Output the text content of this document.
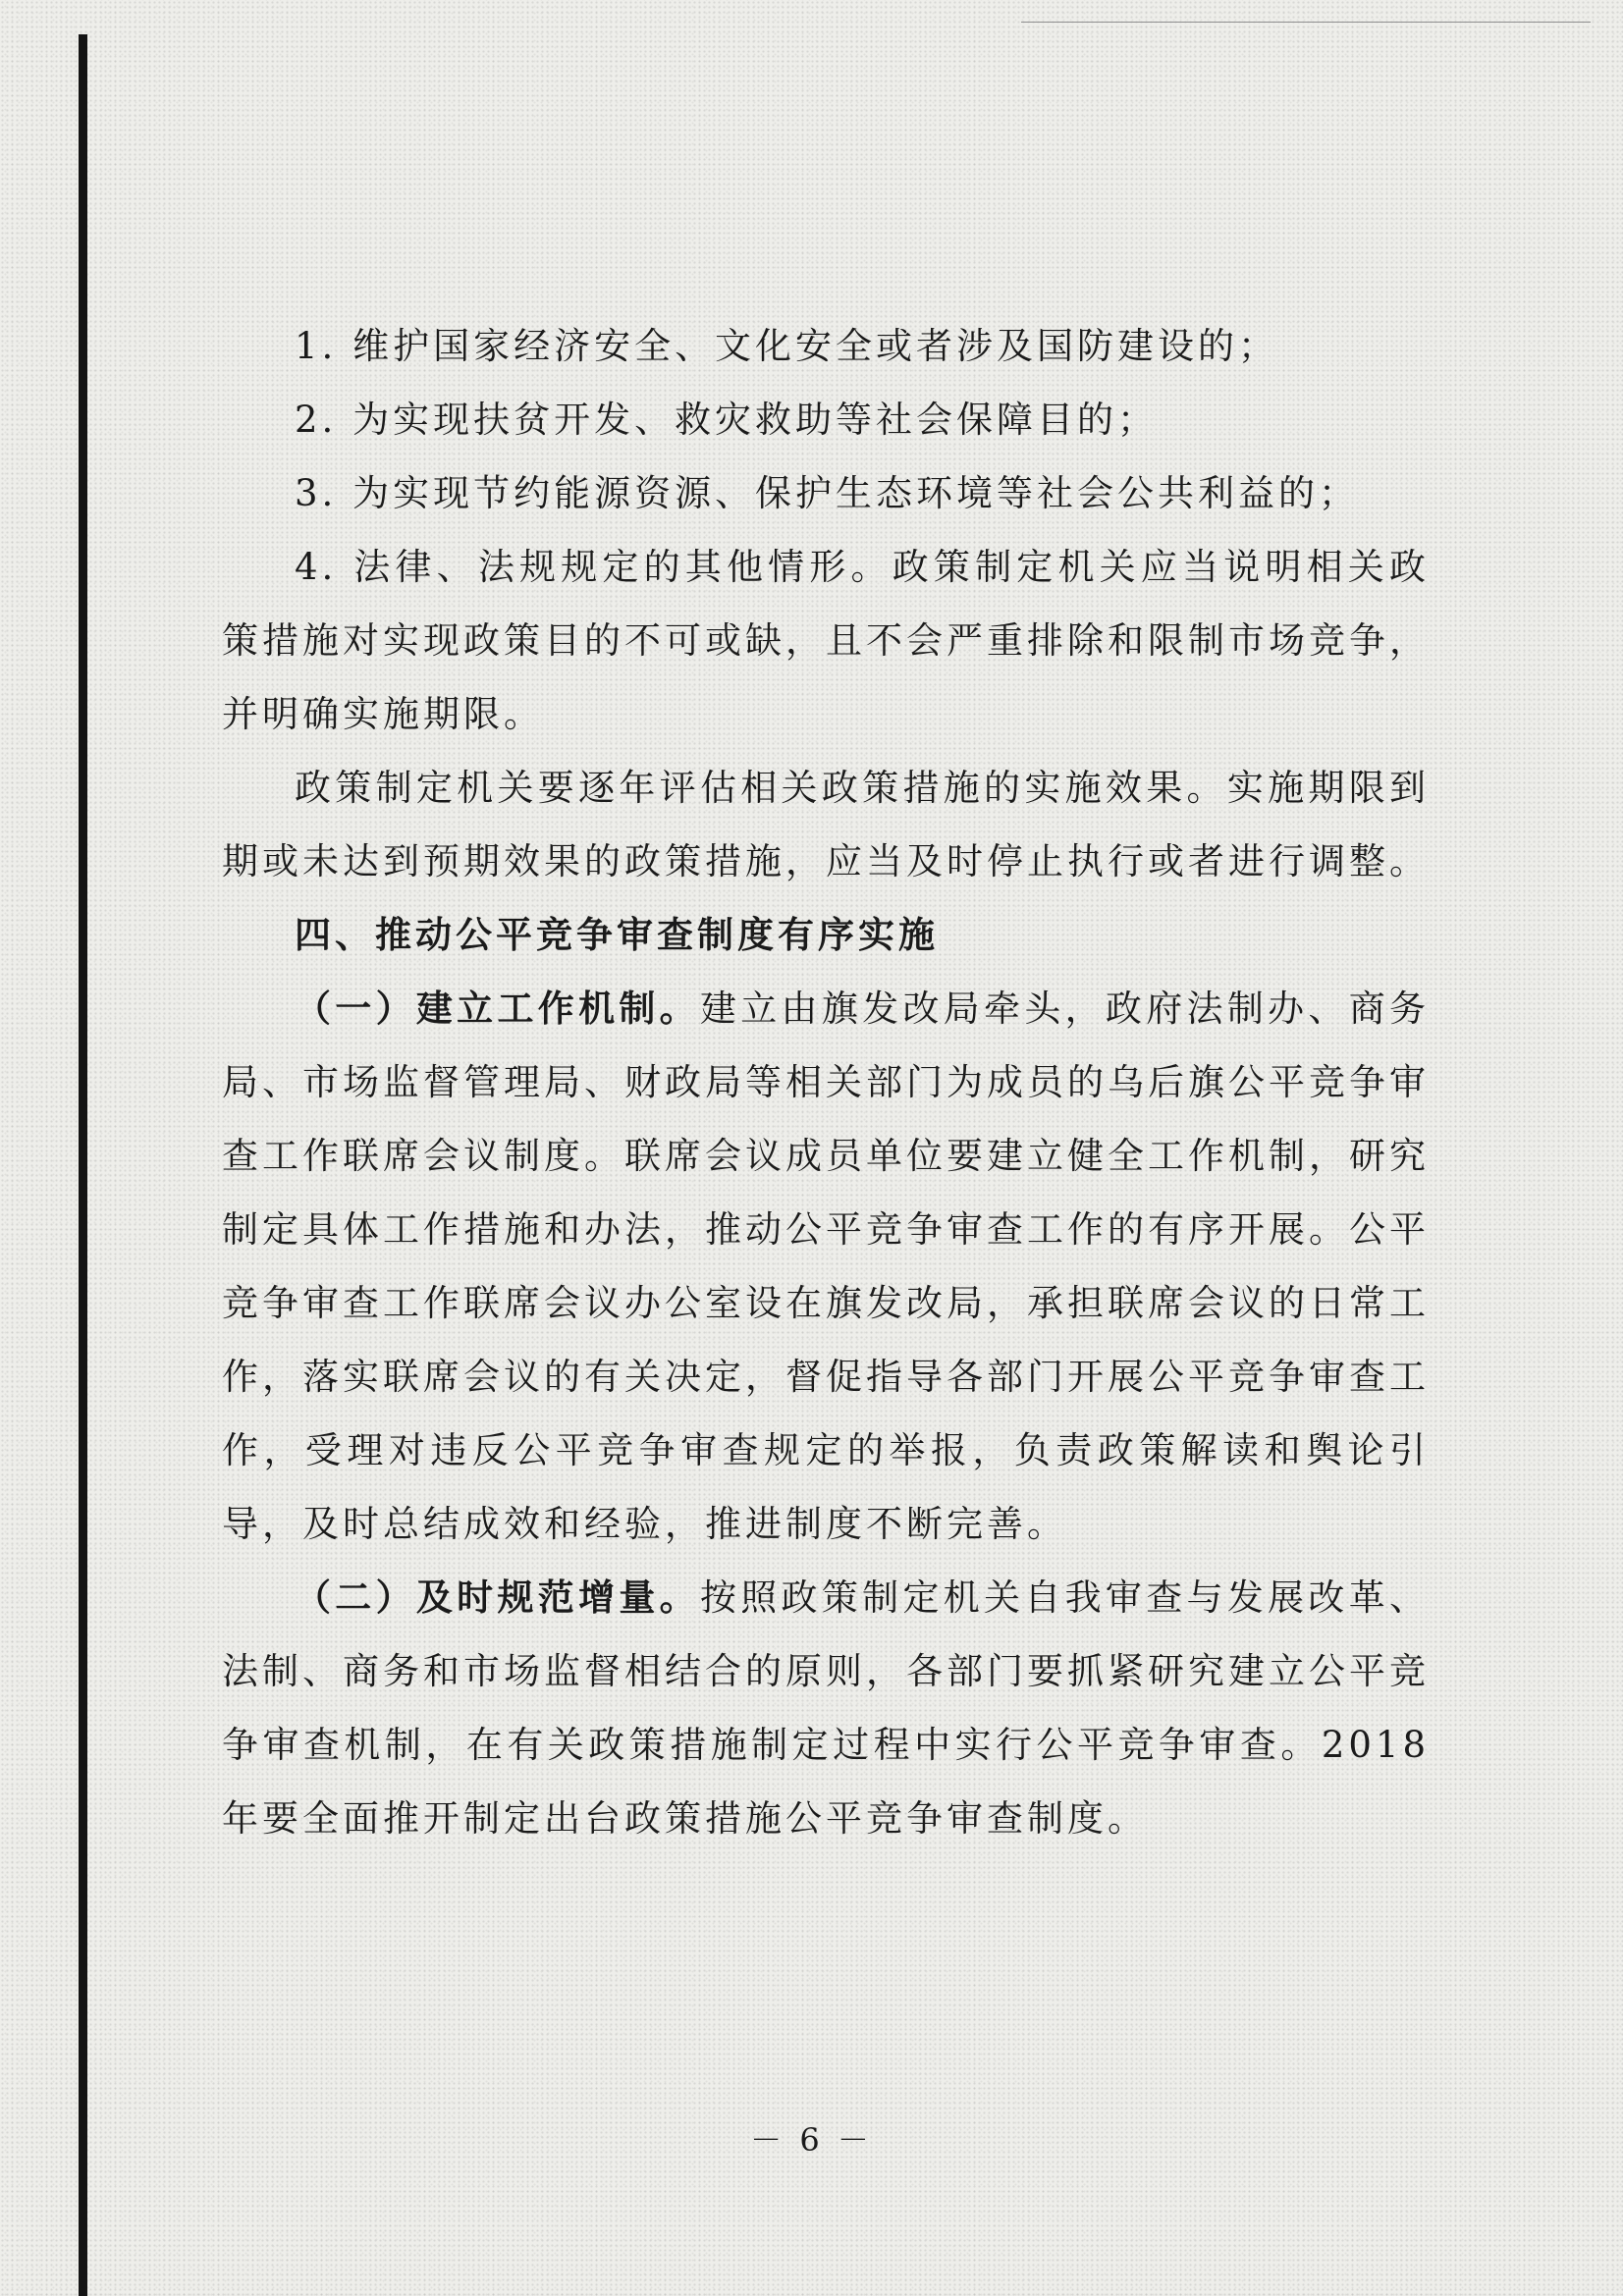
1. 维护国家经济安全、文化安全或者涉及国防建设的；

2. 为实现扶贫开发、救灾救助等社会保障目的；

3. 为实现节约能源资源、保护生态环境等社会公共利益的；

4. 法律、法规规定的其他情形。政策制定机关应当说明相关政策措施对实现政策目的不可或缺，且不会严重排除和限制市场竞争，并明确实施期限。

政策制定机关要逐年评估相关政策措施的实施效果。实施期限到期或未达到预期效果的政策措施，应当及时停止执行或者进行调整。

四、推动公平竞争审查制度有序实施

（一）建立工作机制。建立由旗发改局牵头，政府法制办、商务局、市场监督管理局、财政局等相关部门为成员的乌后旗公平竞争审查工作联席会议制度。联席会议成员单位要建立健全工作机制，研究制定具体工作措施和办法，推动公平竞争审查工作的有序开展。公平竞争审查工作联席会议办公室设在旗发改局，承担联席会议的日常工作，落实联席会议的有关决定，督促指导各部门开展公平竞争审查工作，受理对违反公平竞争审查规定的举报，负责政策解读和舆论引导，及时总结成效和经验，推进制度不断完善。

（二）及时规范增量。按照政策制定机关自我审查与发展改革、法制、商务和市场监督相结合的原则，各部门要抓紧研究建立公平竞争审查机制，在有关政策措施制定过程中实行公平竞争审查。2018年要全面推开制定出台政策措施公平竞争审查制度。

－ 6 －
